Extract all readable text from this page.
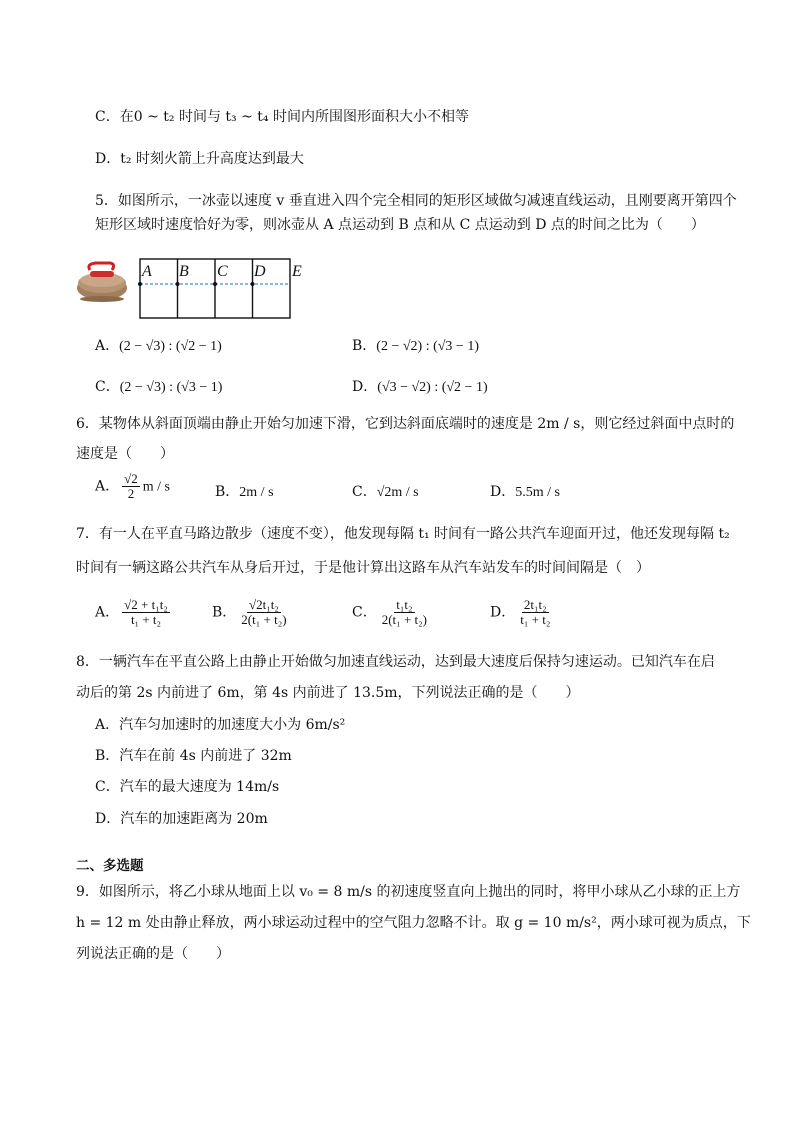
C．在0 ~ t₂ 时间与 t₃ ~ t₄ 时间内所围图形面积大小不相等
D．t₂ 时刻火箭上升高度达到最大
5．如图所示，一冰壶以速度 v 垂直进入四个完全相同的矩形区域做匀减速直线运动，且刚要离开第四个
矩形区域时速度恰好为零，则冰壶从 A 点运动到 B 点和从 C 点运动到 D 点的时间之比为（　　）
A B C D E
A．(2 − √3) : (√2 − 1)	B．(2 − √2) : (√3 − 1)
C．(2 − √3) : (√3 − 1)	D．(√3 − √2) : (√2 − 1)
6．某物体从斜面顶端由静止开始匀加速下滑，它到达斜面底端时的速度是 2m / s，则它经过斜面中点时的
速度是（　　）
A． $\frac{√2}{2}$ m / s	B．2m / s	C．√2m / s	D．5.5m / s
7．有一人在平直马路边散步（速度不变），他发现每隔 t₁ 时间有一路公共汽车迎面开过，他还发现每隔 t₂
时间有一辆这路公共汽车从身后开过，于是他计算出这路车从汽车站发车的时间间隔是（　）
A． $\frac{\text{√2 + t₁t₂}}{\text{t₁ + t₂}}$	B． $\frac{\text{√2t₁t₂}}{\text{2(t₁ + t₂)}}$	C． $\frac{\text{t₁t₂}}{\text{2(t₁ + t₂)}}$	D． $\frac{\text{2t₁t₂}}{\text{t₁ + t₂}}$
8．一辆汽车在平直公路上由静止开始做匀加速直线运动，达到最大速度后保持匀速运动。已知汽车在启
动后的第 2s 内前进了 6m，第 4s 内前进了 13.5m，下列说法正确的是（　　）
A．汽车匀加速时的加速度大小为 6m/s²
B．汽车在前 4s 内前进了 32m
C．汽车的最大速度为 14m/s
D．汽车的加速距离为 20m
二、多选题
9．如图所示，将乙小球从地面上以 v₀ = 8 m/s 的初速度竖直向上抛出的同时，将甲小球从乙小球的正上方
h = 12 m 处由静止释放，两小球运动过程中的空气阻力忽略不计。取 g = 10 m/s²，两小球可视为质点，下
列说法正确的是（　　）
